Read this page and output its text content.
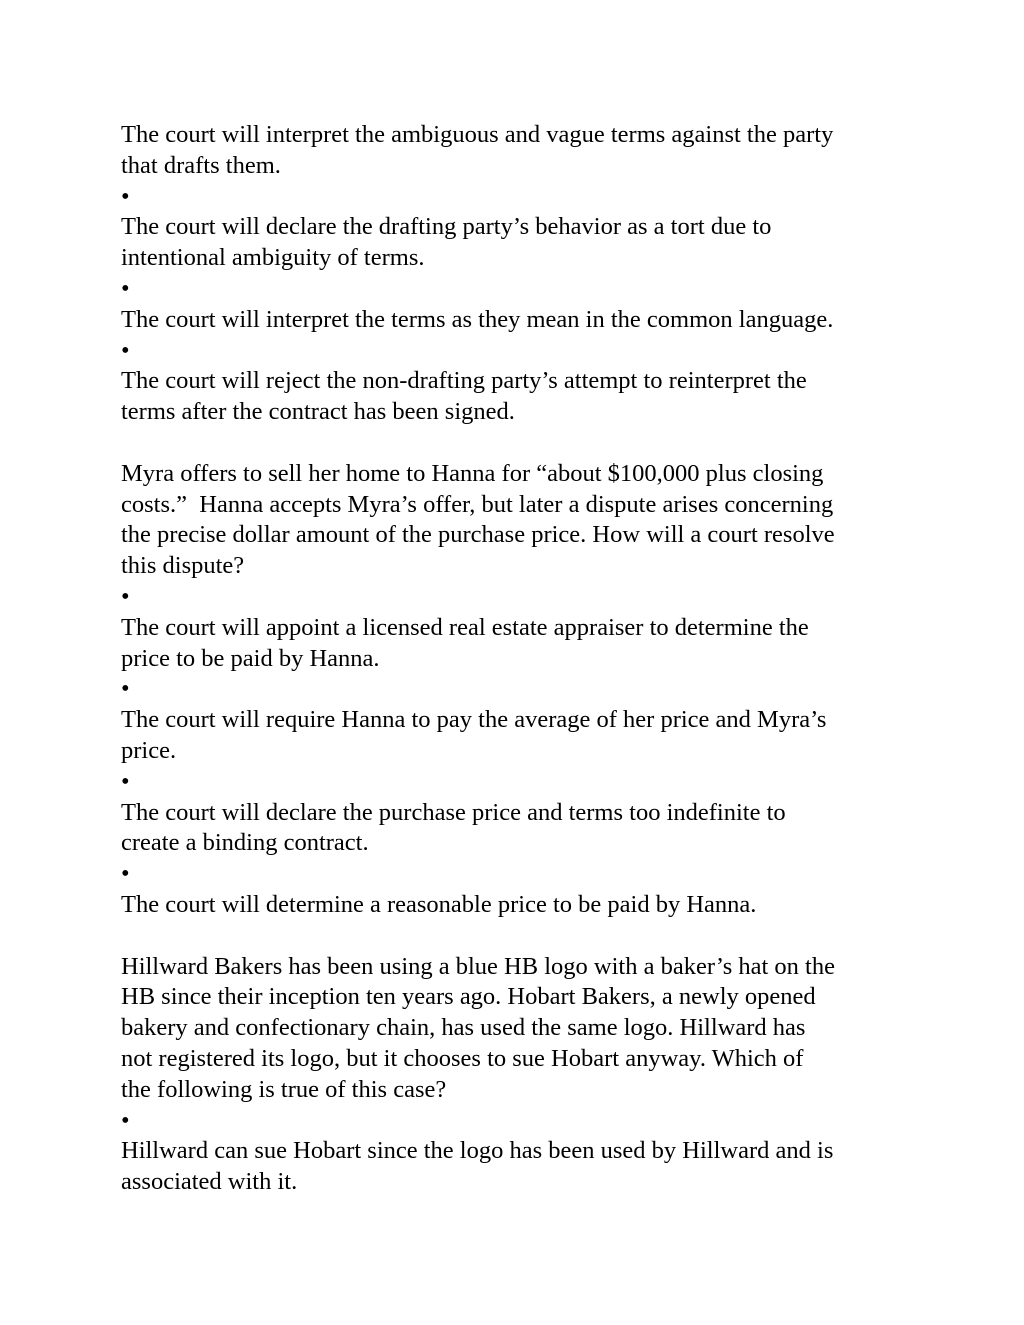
The court will interpret the ambiguous and vague terms against the party
that drafts them.
•
The court will declare the drafting party’s behavior as a tort due to
intentional ambiguity of terms.
•
The court will interpret the terms as they mean in the common language.
•
The court will reject the non-drafting party’s attempt to reinterpret the
terms after the contract has been signed.
Myra offers to sell her home to Hanna for “about $100,000 plus closing
costs.”  Hanna accepts Myra’s offer, but later a dispute arises concerning
the precise dollar amount of the purchase price. How will a court resolve
this dispute?
•
The court will appoint a licensed real estate appraiser to determine the
price to be paid by Hanna.
•
The court will require Hanna to pay the average of her price and Myra’s
price.
•
The court will declare the purchase price and terms too indefinite to
create a binding contract.
•
The court will determine a reasonable price to be paid by Hanna.
Hillward Bakers has been using a blue HB logo with a baker’s hat on the
HB since their inception ten years ago. Hobart Bakers, a newly opened
bakery and confectionary chain, has used the same logo. Hillward has
not registered its logo, but it chooses to sue Hobart anyway. Which of
the following is true of this case?
•
Hillward can sue Hobart since the logo has been used by Hillward and is
associated with it.
